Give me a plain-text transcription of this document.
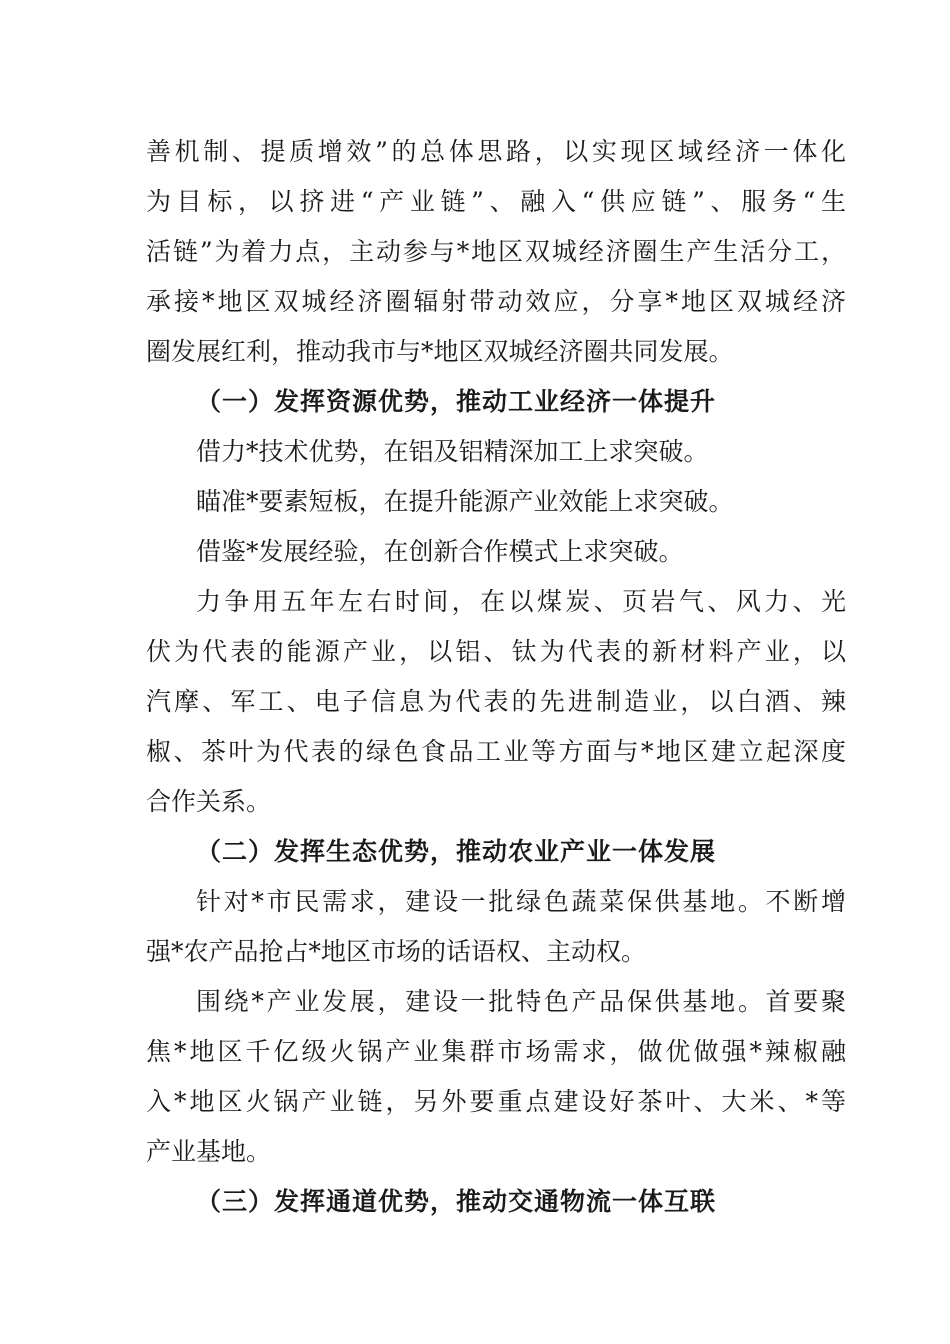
善机制、提质增效”的总体思路，以实现区域经济一体化
为目标，以挤进“产业链”、融入“供应链”、服务“生
活链”为着力点，主动参与*地区双城经济圈生产生活分工，
承接*地区双城经济圈辐射带动效应，分享*地区双城经济
圈发展红利，推动我市与*地区双城经济圈共同发展。
（一）发挥资源优势，推动工业经济一体提升
借力*技术优势，在铝及铝精深加工上求突破。
瞄准*要素短板，在提升能源产业效能上求突破。
借鉴*发展经验，在创新合作模式上求突破。
力争用五年左右时间，在以煤炭、页岩气、风力、光
伏为代表的能源产业，以铝、钛为代表的新材料产业，以
汽摩、军工、电子信息为代表的先进制造业，以白酒、辣
椒、茶叶为代表的绿色食品工业等方面与*地区建立起深度
合作关系。
（二）发挥生态优势，推动农业产业一体发展
针对*市民需求，建设一批绿色蔬菜保供基地。不断增
强*农产品抢占*地区市场的话语权、主动权。
围绕*产业发展，建设一批特色产品保供基地。首要聚
焦*地区千亿级火锅产业集群市场需求，做优做强*辣椒融
入*地区火锅产业链，另外要重点建设好茶叶、大米、*等
产业基地。
（三）发挥通道优势，推动交通物流一体互联
